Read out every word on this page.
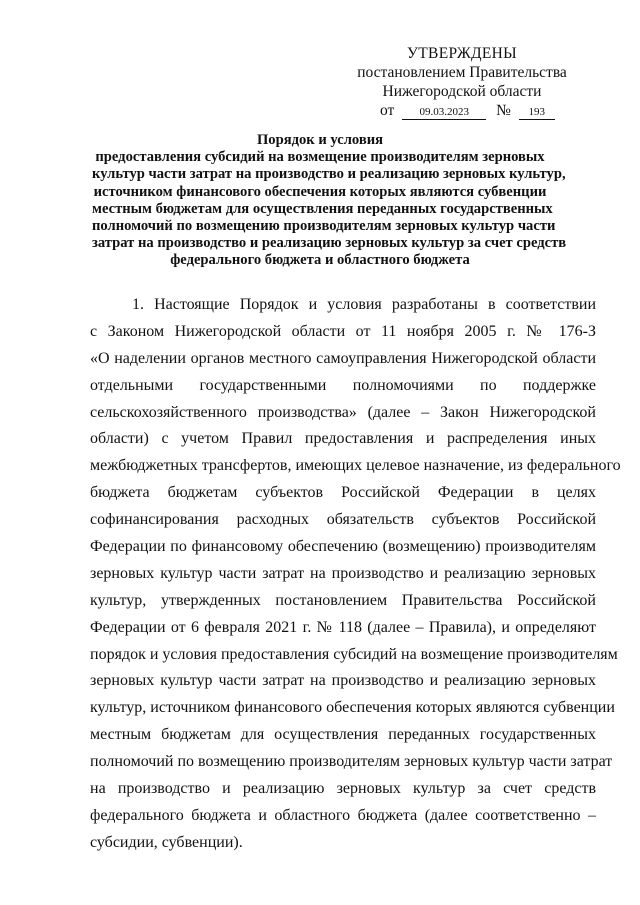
УТВЕРЖДЕНЫ
постановлением Правительства
Нижегородской области
от 09.03.2023 № 193
Порядок и условия
предоставления субсидий на возмещение производителям зерновых
культур части затрат на производство и реализацию зерновых культур,
источником финансового обеспечения которых являются субвенции
местным бюджетам для осуществления переданных государственных
полномочий по возмещению производителям зерновых культур части
затрат на производство и реализацию зерновых культур за счет средств
федерального бюджета и областного бюджета
1. Настоящие Порядок и условия разработаны в соответствии
с Законом Нижегородской области от 11 ноября 2005 г. № 176-З
«О наделении органов местного самоуправления Нижегородской области
отдельными государственными полномочиями по поддержке
сельскохозяйственного производства» (далее – Закон Нижегородской
области) с учетом Правил предоставления и распределения иных
межбюджетных трансфертов, имеющих целевое назначение, из федерального
бюджета бюджетам субъектов Российской Федерации в целях
софинансирования расходных обязательств субъектов Российской
Федерации по финансовому обеспечению (возмещению) производителям
зерновых культур части затрат на производство и реализацию зерновых
культур, утвержденных постановлением Правительства Российской
Федерации от 6 февраля 2021 г. № 118 (далее – Правила), и определяют
порядок и условия предоставления субсидий на возмещение производителям
зерновых культур части затрат на производство и реализацию зерновых
культур, источником финансового обеспечения которых являются субвенции
местным бюджетам для осуществления переданных государственных
полномочий по возмещению производителям зерновых культур части затрат
на производство и реализацию зерновых культур за счет средств
федерального бюджета и областного бюджета (далее соответственно –
субсидии, субвенции).
